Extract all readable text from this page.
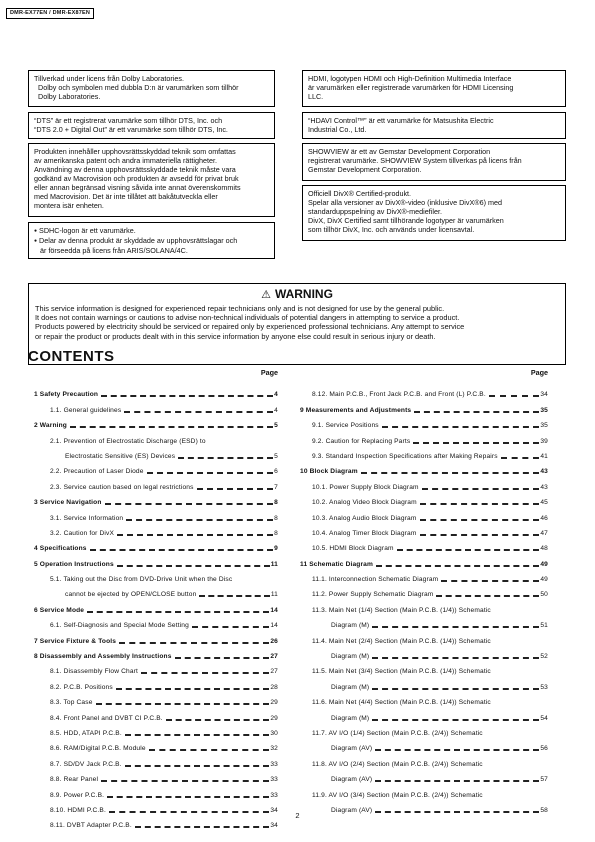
DMR-EX77EN / DMR-EX87EN
Tillverkad under licens från Dolby Laboratories.
Dolby och symbolen med dubbla D:n är varumärken som tillhör
Dolby Laboratories.
“DTS” är ett registrerat varumärke som tillhör DTS, Inc. och
“DTS 2.0 + Digital Out” är ett varumärke som tillhör DTS, Inc.
Produkten innehåller upphovsrättsskyddad teknik som omfattas
av amerikanska patent och andra immateriella rättigheter.
Användning av denna upphovsrättsskyddade teknik måste vara
godkänd av Macrovision och produkten är avsedd för privat bruk
eller annan begränsad visning såvida inte annat överenskommits
med Macrovision. Det är inte tillåtet att bakåtutveckla eller
montera isär enheten.
● SDHC-logon är ett varumärke.
● Delar av denna produkt är skyddade av upphovsrättslagar och
är förseedda på licens från ARIS/SOLANA/4C.
HDMI, logotypen HDMI och High-Definition Multimedia Interface
är varumärken eller registrerade varumärken för HDMI Licensing
LLC.
“HDAVI Control™” är ett varumärke för Matsushita Electric
Industrial Co., Ltd.
SHOWVIEW är ett av Gemstar Development Corporation
registrerat varumärke. SHOWVIEW System tillverkas på licens från
Gemstar Development Corporation.
Officiell DivX® Certified-produkt.
Spelar alla versioner av DivX®-video (inklusive DivX®6) med
standarduppspelning av DivX®-mediefiler.
DivX, DivX Certified samt tillhörande logotyper är varumärken
som tillhör DivX, Inc. och används under licensavtal.
⚠ WARNING
This service information is designed for experienced repair technicians only and is not designed for use by the general public.
It does not contain warnings or cautions to advise non-technical individuals of potential dangers in attempting to service a product.
Products powered by electricity should be serviced or repaired only by experienced professional technicians. Any attempt to service
or repair the product or products dealt with in this service information by anyone else could result in serious injury or death.
CONTENTS
Page
1 Safety Precaution	4
1.1. General guidelines	4
2 Warning	5
2.1. Prevention of Electrostatic Discharge (ESD) to
Electrostatic Sensitive (ES) Devices	5
2.2. Precaution of Laser Diode	6
2.3. Service caution based on legal restrictions	7
3 Service Navigation	8
3.1. Service Information	8
3.2. Caution for DivX	8
4 Specifications	9
5 Operation Instructions	11
5.1. Taking out the Disc from DVD-Drive Unit when the Disc
cannot be ejected by OPEN/CLOSE button	11
6 Service Mode	14
6.1. Self-Diagnosis and Special Mode Setting	14
7 Service Fixture & Tools	26
8 Disassembly and Assembly Instructions	27
8.1. Disassembly Flow Chart	27
8.2. P.C.B. Positions	28
8.3. Top Case	29
8.4. Front Panel and DVBT CI P.C.B.	29
8.5. HDD, ATAPI P.C.B.	30
8.6. RAM/Digital P.C.B. Module	32
8.7. SD/DV Jack P.C.B.	33
8.8. Rear Panel	33
8.9. Power P.C.B.	33
8.10. HDMI P.C.B.	34
8.11. DVBT Adapter P.C.B.	34
Page
8.12. Main P.C.B., Front Jack P.C.B. and Front (L) P.C.B.	34
9 Measurements and Adjustments	35
9.1. Service Positions	35
9.2. Caution for Replacing Parts	39
9.3. Standard Inspection Specifications after Making Repairs	41
10 Block Diagram	43
10.1. Power Supply Block Diagram	43
10.2. Analog Video Block Diagram	45
10.3. Analog Audio Block Diagram	46
10.4. Analog Timer Block Diagram	47
10.5. HDMI Block Diagram	48
11 Schematic Diagram	49
11.1. Interconnection Schematic Diagram	49
11.2. Power Supply Schematic Diagram	50
11.3. Main Net (1/4) Section (Main P.C.B. (1/4)) Schematic
Diagram (M)	51
11.4. Main Net (2/4) Section (Main P.C.B. (1/4)) Schematic
Diagram (M)	52
11.5. Main Net (3/4) Section (Main P.C.B. (1/4)) Schematic
Diagram (M)	53
11.6. Main Net (4/4) Section (Main P.C.B. (1/4)) Schematic
Diagram (M)	54
11.7. AV I/O (1/4) Section (Main P.C.B. (2/4)) Schematic
Diagram (AV)	56
11.8. AV I/O (2/4) Section (Main P.C.B. (2/4)) Schematic
Diagram (AV)	57
11.9. AV I/O (3/4) Section (Main P.C.B. (2/4)) Schematic
Diagram (AV)	58
2
